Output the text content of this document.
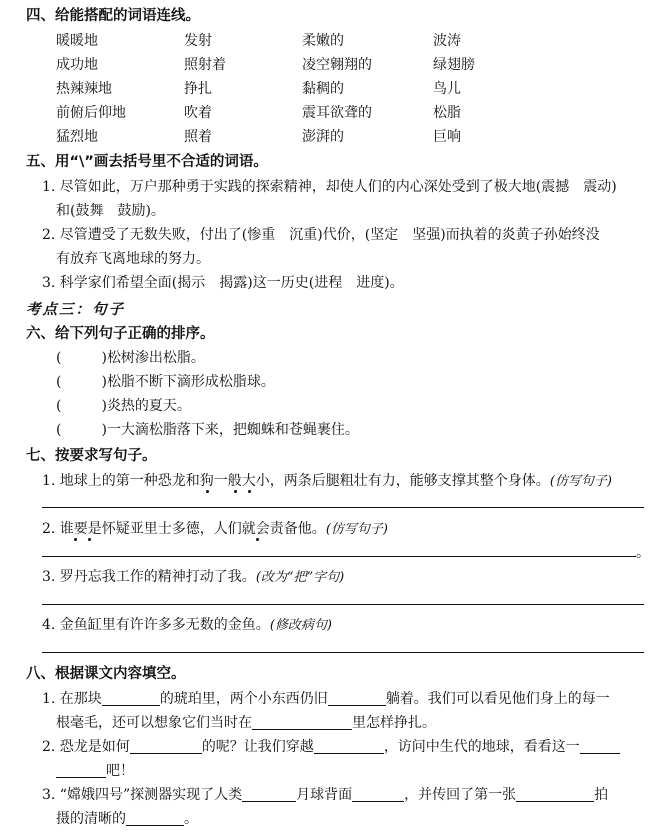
四、给能搭配的词语连线。
暖暖地	发射	柔嫩的	波涛
成功地	照射着	凌空翱翔的	绿翅膀
热辣辣地	挣扎	黏稠的	鸟儿
前俯后仰地	吹着	震耳欲聋的	松脂
猛烈地	照着	澎湃的	巨响
五、用“\”画去括号里不合适的词语。
1. 尽管如此，万户那种勇于实践的探索精神，却使人们的内心深处受到了极大地(震撼　震动)
和(鼓舞　鼓励)。
2. 尽管遭受了无数失败，付出了(惨重　沉重)代价，(坚定　坚强)而执着的炎黄子孙始终没
有放弃飞离地球的努力。
3. 科学家们希望全面(揭示　揭露)这一历史(进程　进度)。
考点三：句子
六、给下列句子正确的排序。
(	)松树渗出松脂。
(	)松脂不断下滴形成松脂球。
(	)炎热的夏天。
(	)一大滴松脂落下来，把蜘蛛和苍蝇裹住。
七、按要求写句子。
1. 地球上的第一种恐龙和狗一般大小，两条后腿粗壮有力，能够支撑其整个身体。(仿写句子)
2. 谁要是怀疑亚里士多德，人们就会责备他。(仿写句子)
。
3. 罗丹忘我工作的精神打动了我。(改为“把”字句)
4. 金鱼缸里有许许多多无数的金鱼。(修改病句)
八、根据课文内容填空。
1. 在那块	的琥珀里，两个小东西仍旧	躺着。我们可以看见他们身上的每一
根毫毛，还可以想象它们当时在	里怎样挣扎。
2. 恐龙是如何	的呢？让我们穿越	，访问中生代的地球，看看这一
吧！
3. “嫦娥四号”探测器实现了人类	月球背面	，并传回了第一张	拍
摄的清晰的	。
